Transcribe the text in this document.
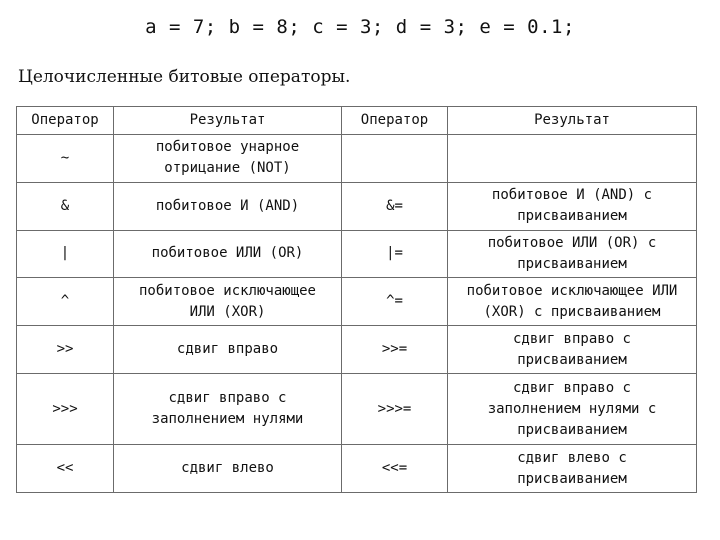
a = 7; b = 8; c = 3; d = 3; e = 0.1;
Целочисленные битовые операторы.
Оператор	Результат	Оператор	Результат
~	побитовое унарное
отрицание (NOT)		
&	побитовое И (AND)	&=	побитовое И (AND) с
присваиванием
|	побитовое ИЛИ (OR)	|=	побитовое ИЛИ (OR) с
присваиванием
^	побитовое исключающее
ИЛИ (XOR)	^=	побитовое исключающее ИЛИ
(XOR) с присваиванием
>>	сдвиг вправо	>>=	сдвиг вправо с
присваиванием
>>>	сдвиг вправо с
заполнением нулями	>>>=	сдвиг вправо с
заполнением нулями с
присваиванием
<<	сдвиг влево	<<=	сдвиг влево с
присваиванием
